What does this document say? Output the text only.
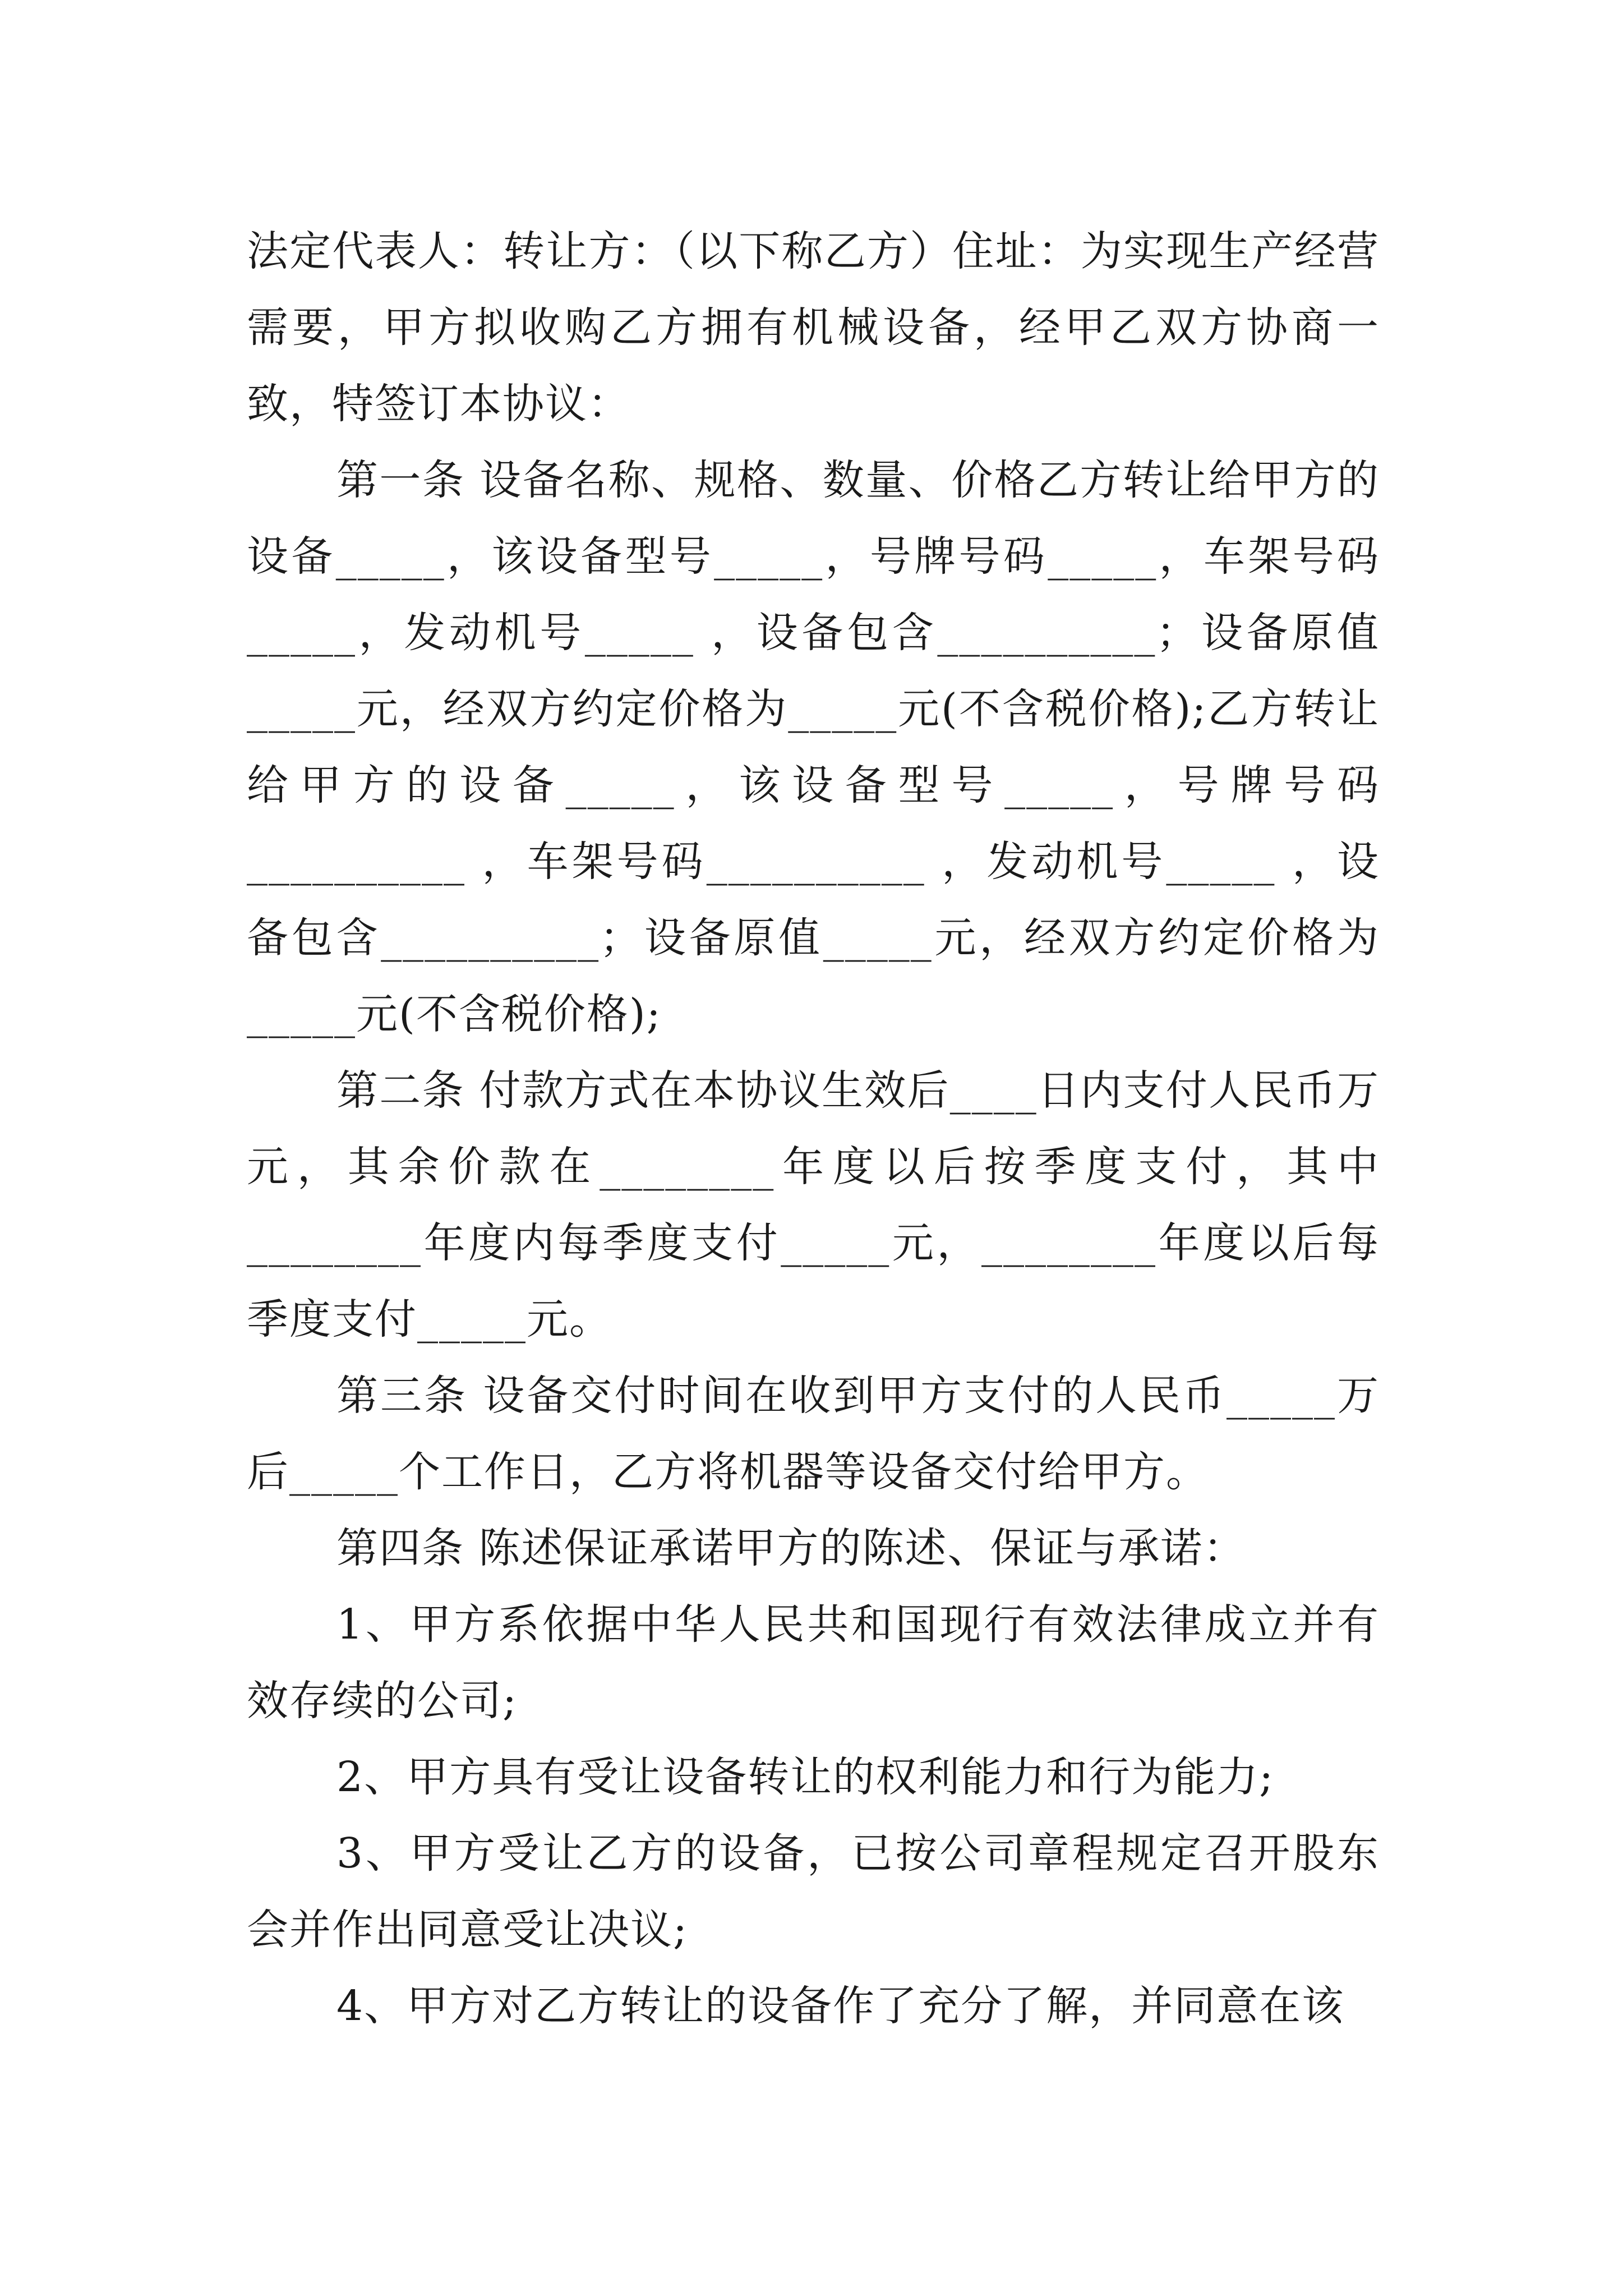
法定代表人：转让方：（以下称乙方）住址：为实现生产经营需要，甲方拟收购乙方拥有机械设备，经甲乙双方协商一致，特签订本协议：

第一条 设备名称、规格、数量、价格乙方转让给甲方的设备_____，该设备型号_____，号牌号码_____，车架号码_____，发动机号_____ ，设备包含__________；设备原值_____元，经双方约定价格为_____元(不含税价格);乙方转让给甲方的设备_____，该设备型号_____，号牌号码__________ ，车架号码__________ ，发动机号_____ ，设备包含__________；设备原值_____元，经双方约定价格为_____元(不含税价格);

第二条 付款方式在本协议生效后____日内支付人民币万元，其余价款在________年度以后按季度支付，其中________年度内每季度支付_____元，________年度以后每季度支付_____元。

第三条 设备交付时间在收到甲方支付的人民币_____万后_____个工作日，乙方将机器等设备交付给甲方。

第四条 陈述保证承诺甲方的陈述、保证与承诺：

1、甲方系依据中华人民共和国现行有效法律成立并有效存续的公司;

2、甲方具有受让设备转让的权利能力和行为能力;

3、甲方受让乙方的设备，已按公司章程规定召开股东会并作出同意受让决议;

4、甲方对乙方转让的设备作了充分了解，并同意在该
